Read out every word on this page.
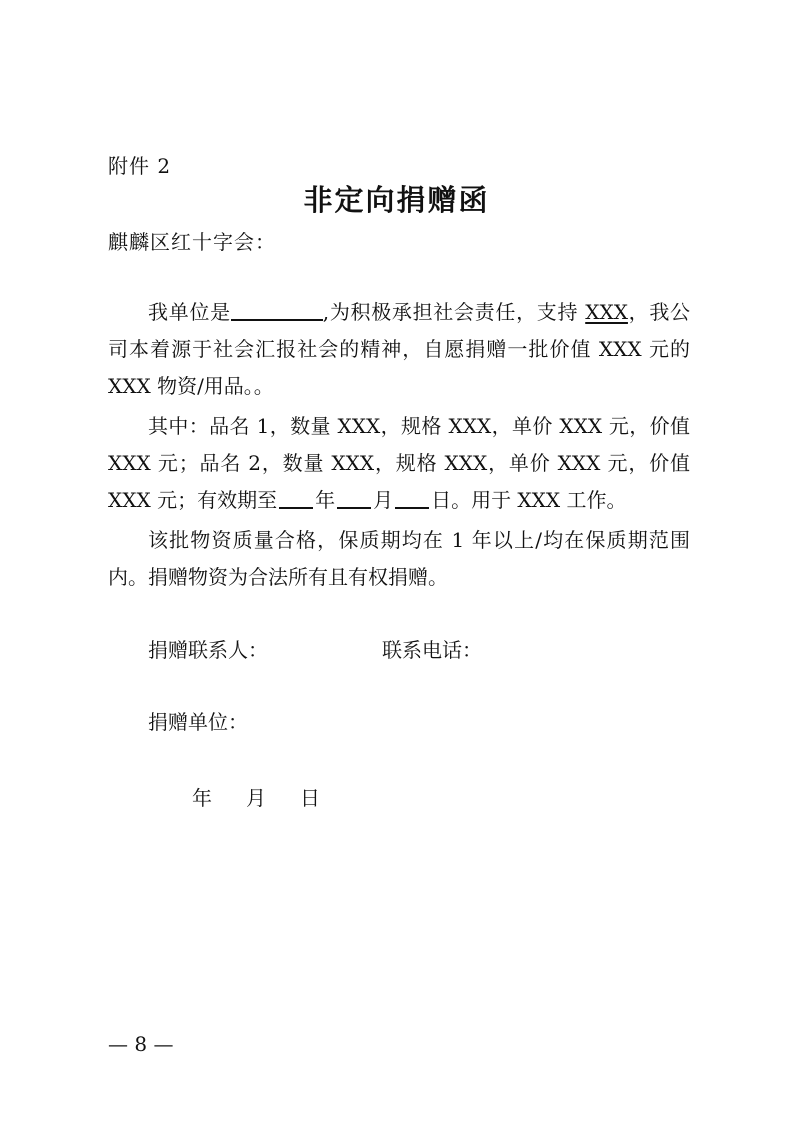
附件 2
非定向捐赠函
麒麟区红十字会：

我单位是	,为积极承担社会责任，支持 XXX，我公司本着源于社会汇报社会的精神，自愿捐赠一批价值 XXX 元的 XXX 物资/用品。。

其中：品名 1，数量 XXX，规格 XXX，单价 XXX 元，价值 XXX 元；品名 2，数量 XXX，规格 XXX，单价 XXX 元，价值 XXX 元；有效期至 年 月 日。用于 XXX 工作。

该批物资质量合格，保质期均在 1 年以上/均在保质期范围内。捐赠物资为合法所有且有权捐赠。

捐赠联系人：	联系电话：
捐赠单位：
年 月 日
— 8 —
